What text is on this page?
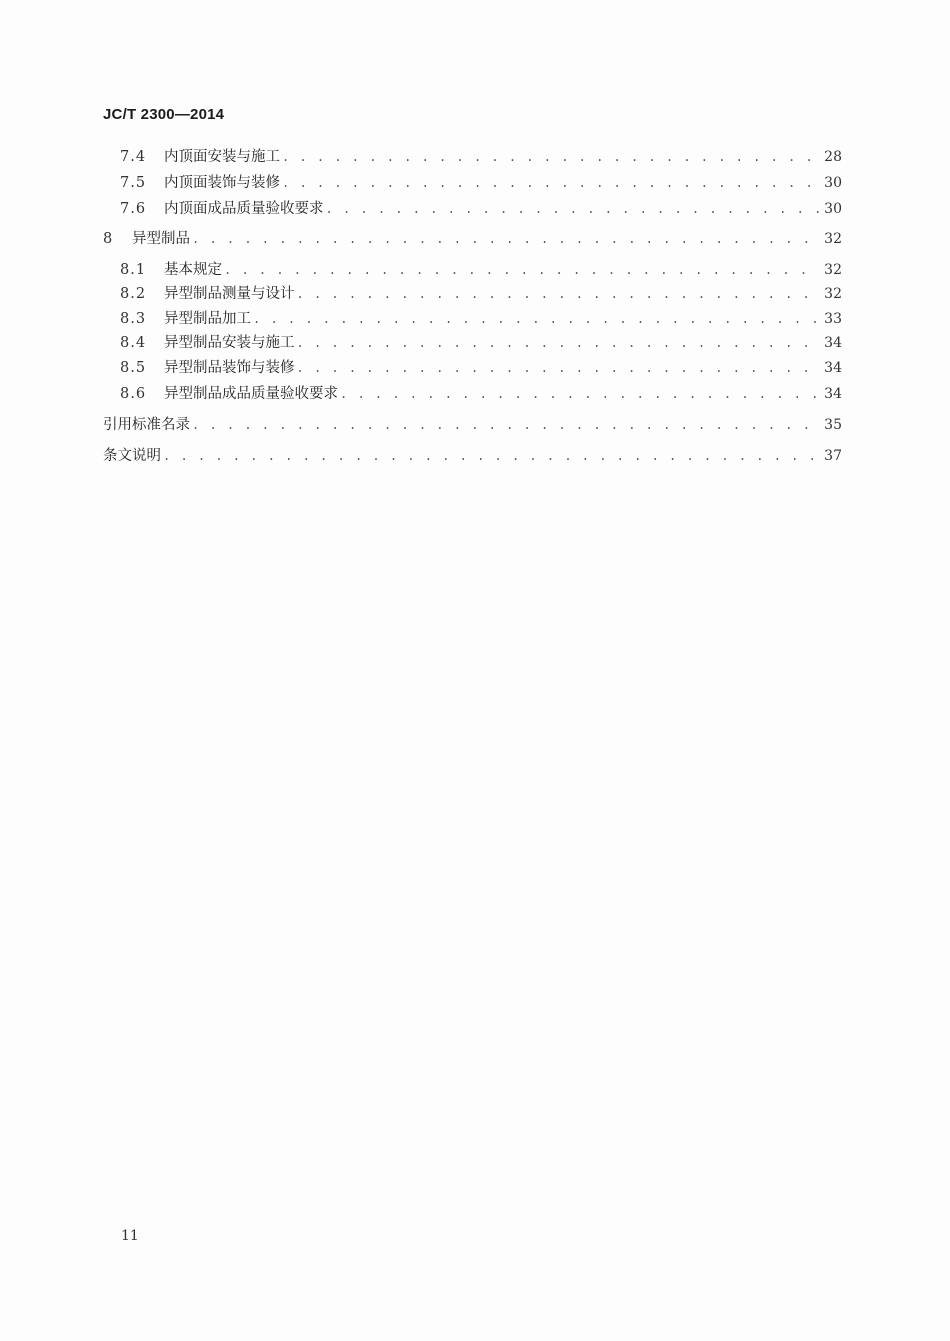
JC/T 2300—2014
7.4	内顶面安装与施工 . . .	28
7.5	内顶面装饰与装修 . . .	30
7.6	内顶面成品质量验收要求 . . .	30
8	异型制品 . . .	32
8.1	基本规定 . . .	32
8.2	异型制品测量与设计 . . .	32
8.3	异型制品加工 . . .	33
8.4	异型制品安装与施工 . . .	34
8.5	异型制品装饰与装修 . . .	34
8.6	异型制品成品质量验收要求 . . .	34
引用标准名录 . . .	35
条文说明 . . .	37
11
